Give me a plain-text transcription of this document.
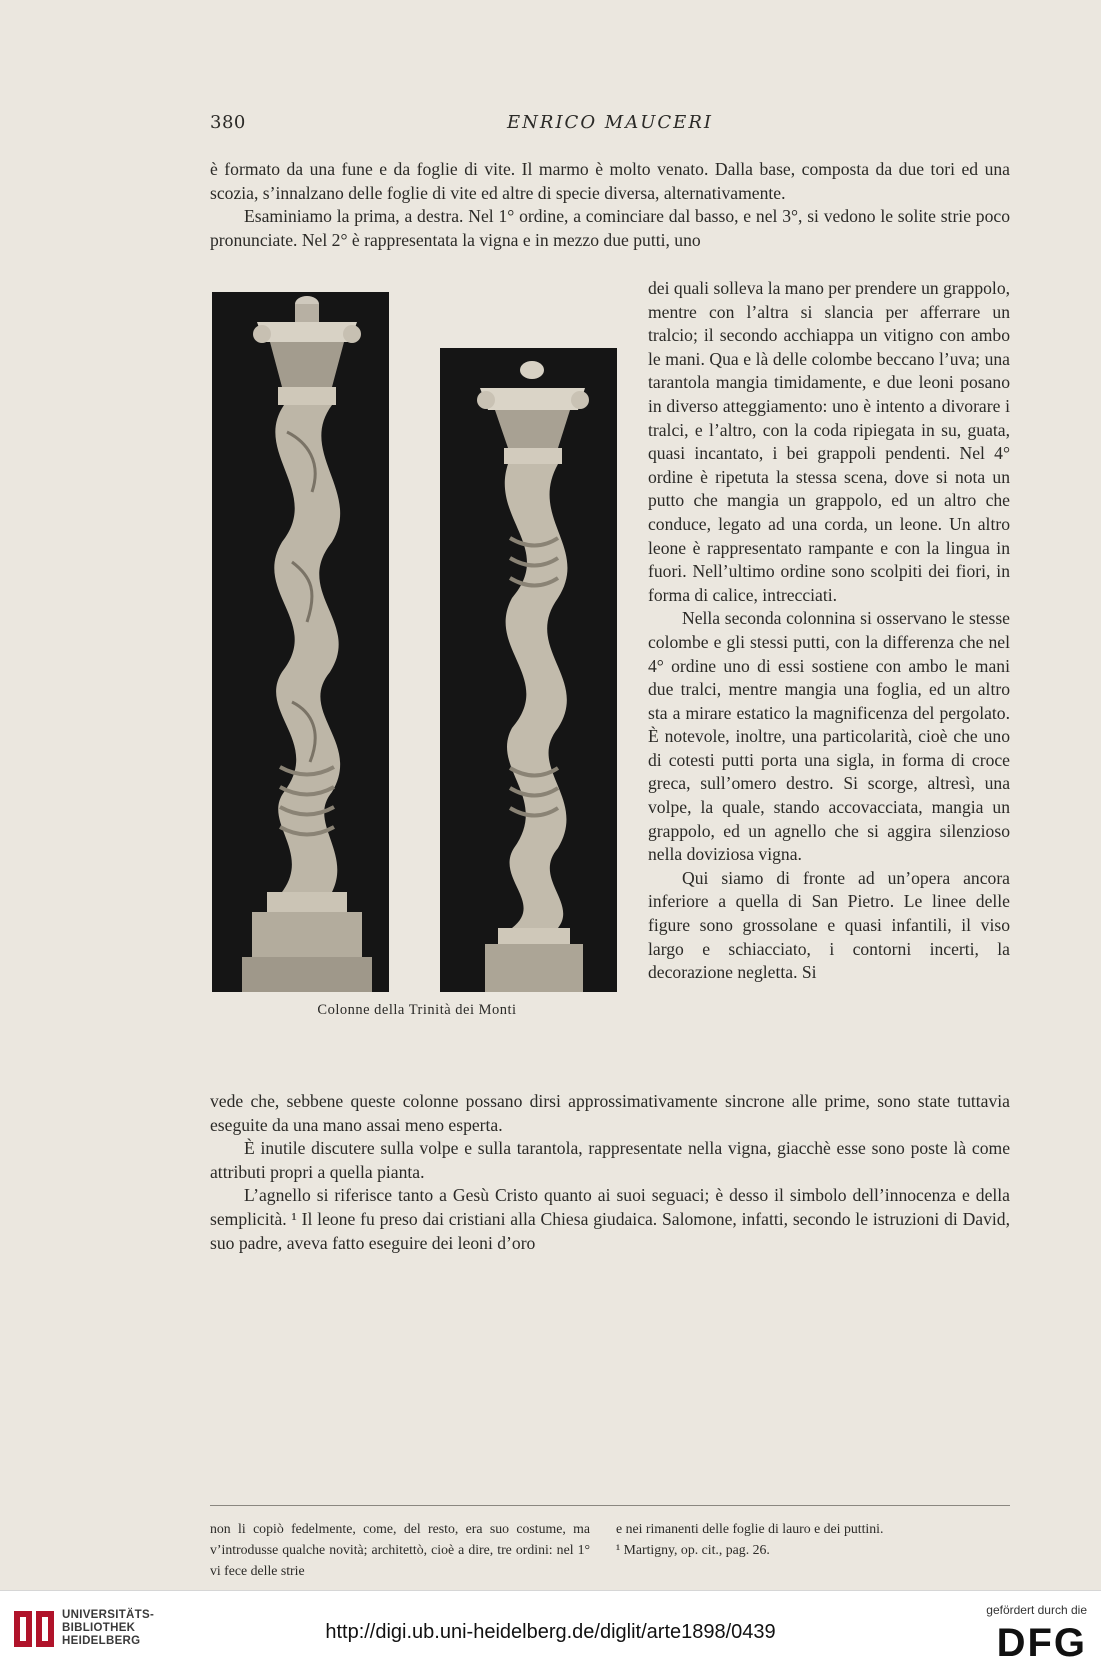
380	ENRICO MAUCERI

è formato da una fune e da foglie di vite. Il marmo è molto venato. Dalla base, composta da due tori ed una scozia, s’innalzano delle foglie di vite ed altre di specie diversa, alternativamente.

Esaminiamo la prima, a destra. Nel 1° ordine, a cominciare dal basso, e nel 3°, si vedono le solite strie poco pronunciate. Nel 2° è rappresentata la vigna e in mezzo due putti, uno

Colonne della Trinità dei Monti

dei quali solleva la mano per prendere un grappolo, mentre con l’altra si slancia per afferrare un tralcio; il secondo acchiappa un vitigno con ambo le mani. Qua e là delle colombe beccano l’uva; una tarantola mangia timidamente, e due leoni posano in diverso atteggiamento: uno è intento a divorare i tralci, e l’altro, con la coda ripiegata in su, guata, quasi incantato, i bei grappoli pendenti. Nel 4° ordine è ripetuta la stessa scena, dove si nota un putto che mangia un grappolo, ed un altro che conduce, legato ad una corda, un leone. Un altro leone è rappresentato rampante e con la lingua in fuori. Nell’ultimo ordine sono scolpiti dei fiori, in forma di calice, intrecciati.

Nella seconda colonnina si osservano le stesse colombe e gli stessi putti, con la differenza che nel 4° ordine uno di essi sostiene con ambo le mani due tralci, mentre mangia una foglia, ed un altro sta a mirare estatico la magnificenza del pergolato. È notevole, inoltre, una particolarità, cioè che uno di cotesti putti porta una sigla, in forma di croce greca, sull’omero destro. Si scorge, altresì, una volpe, la quale, stando accovacciata, mangia un grappolo, ed un agnello che si aggira silenzioso nella doviziosa vigna.

Qui siamo di fronte ad un’opera ancora inferiore a quella di San Pietro. Le linee delle figure sono grossolane e quasi infantili, il viso largo e schiacciato, i contorni incerti, la decorazione negletta. Si

vede che, sebbene queste colonne possano dirsi approssimativamente sincrone alle prime, sono state tuttavia eseguite da una mano assai meno esperta.

È inutile discutere sulla volpe e sulla tarantola, rappresentate nella vigna, giacchè esse sono poste là come attributi propri a quella pianta.

L’agnello si riferisce tanto a Gesù Cristo quanto ai suoi seguaci; è desso il simbolo dell’innocenza e della semplicità. ¹ Il leone fu preso dai cristiani alla Chiesa giudaica. Salomone, infatti, secondo le istruzioni di David, suo padre, aveva fatto eseguire dei leoni d’oro

UNIVERSITÄTS-
BIBLIOTHEK
HEIDELBERG	http://digi.ub.uni-heidelberg.de/diglit/arte1898/0439
gefördert durch die
DFG
non li copiò fedelmente, come, del resto, era suo costume, ma v’introdusse qualche novità; architettò, cioè a dire, tre ordini: nel 1° vi fece delle strie
e nei rimanenti delle foglie di lauro e dei puttini.
¹ Martigny, op. cit., pag. 26.
